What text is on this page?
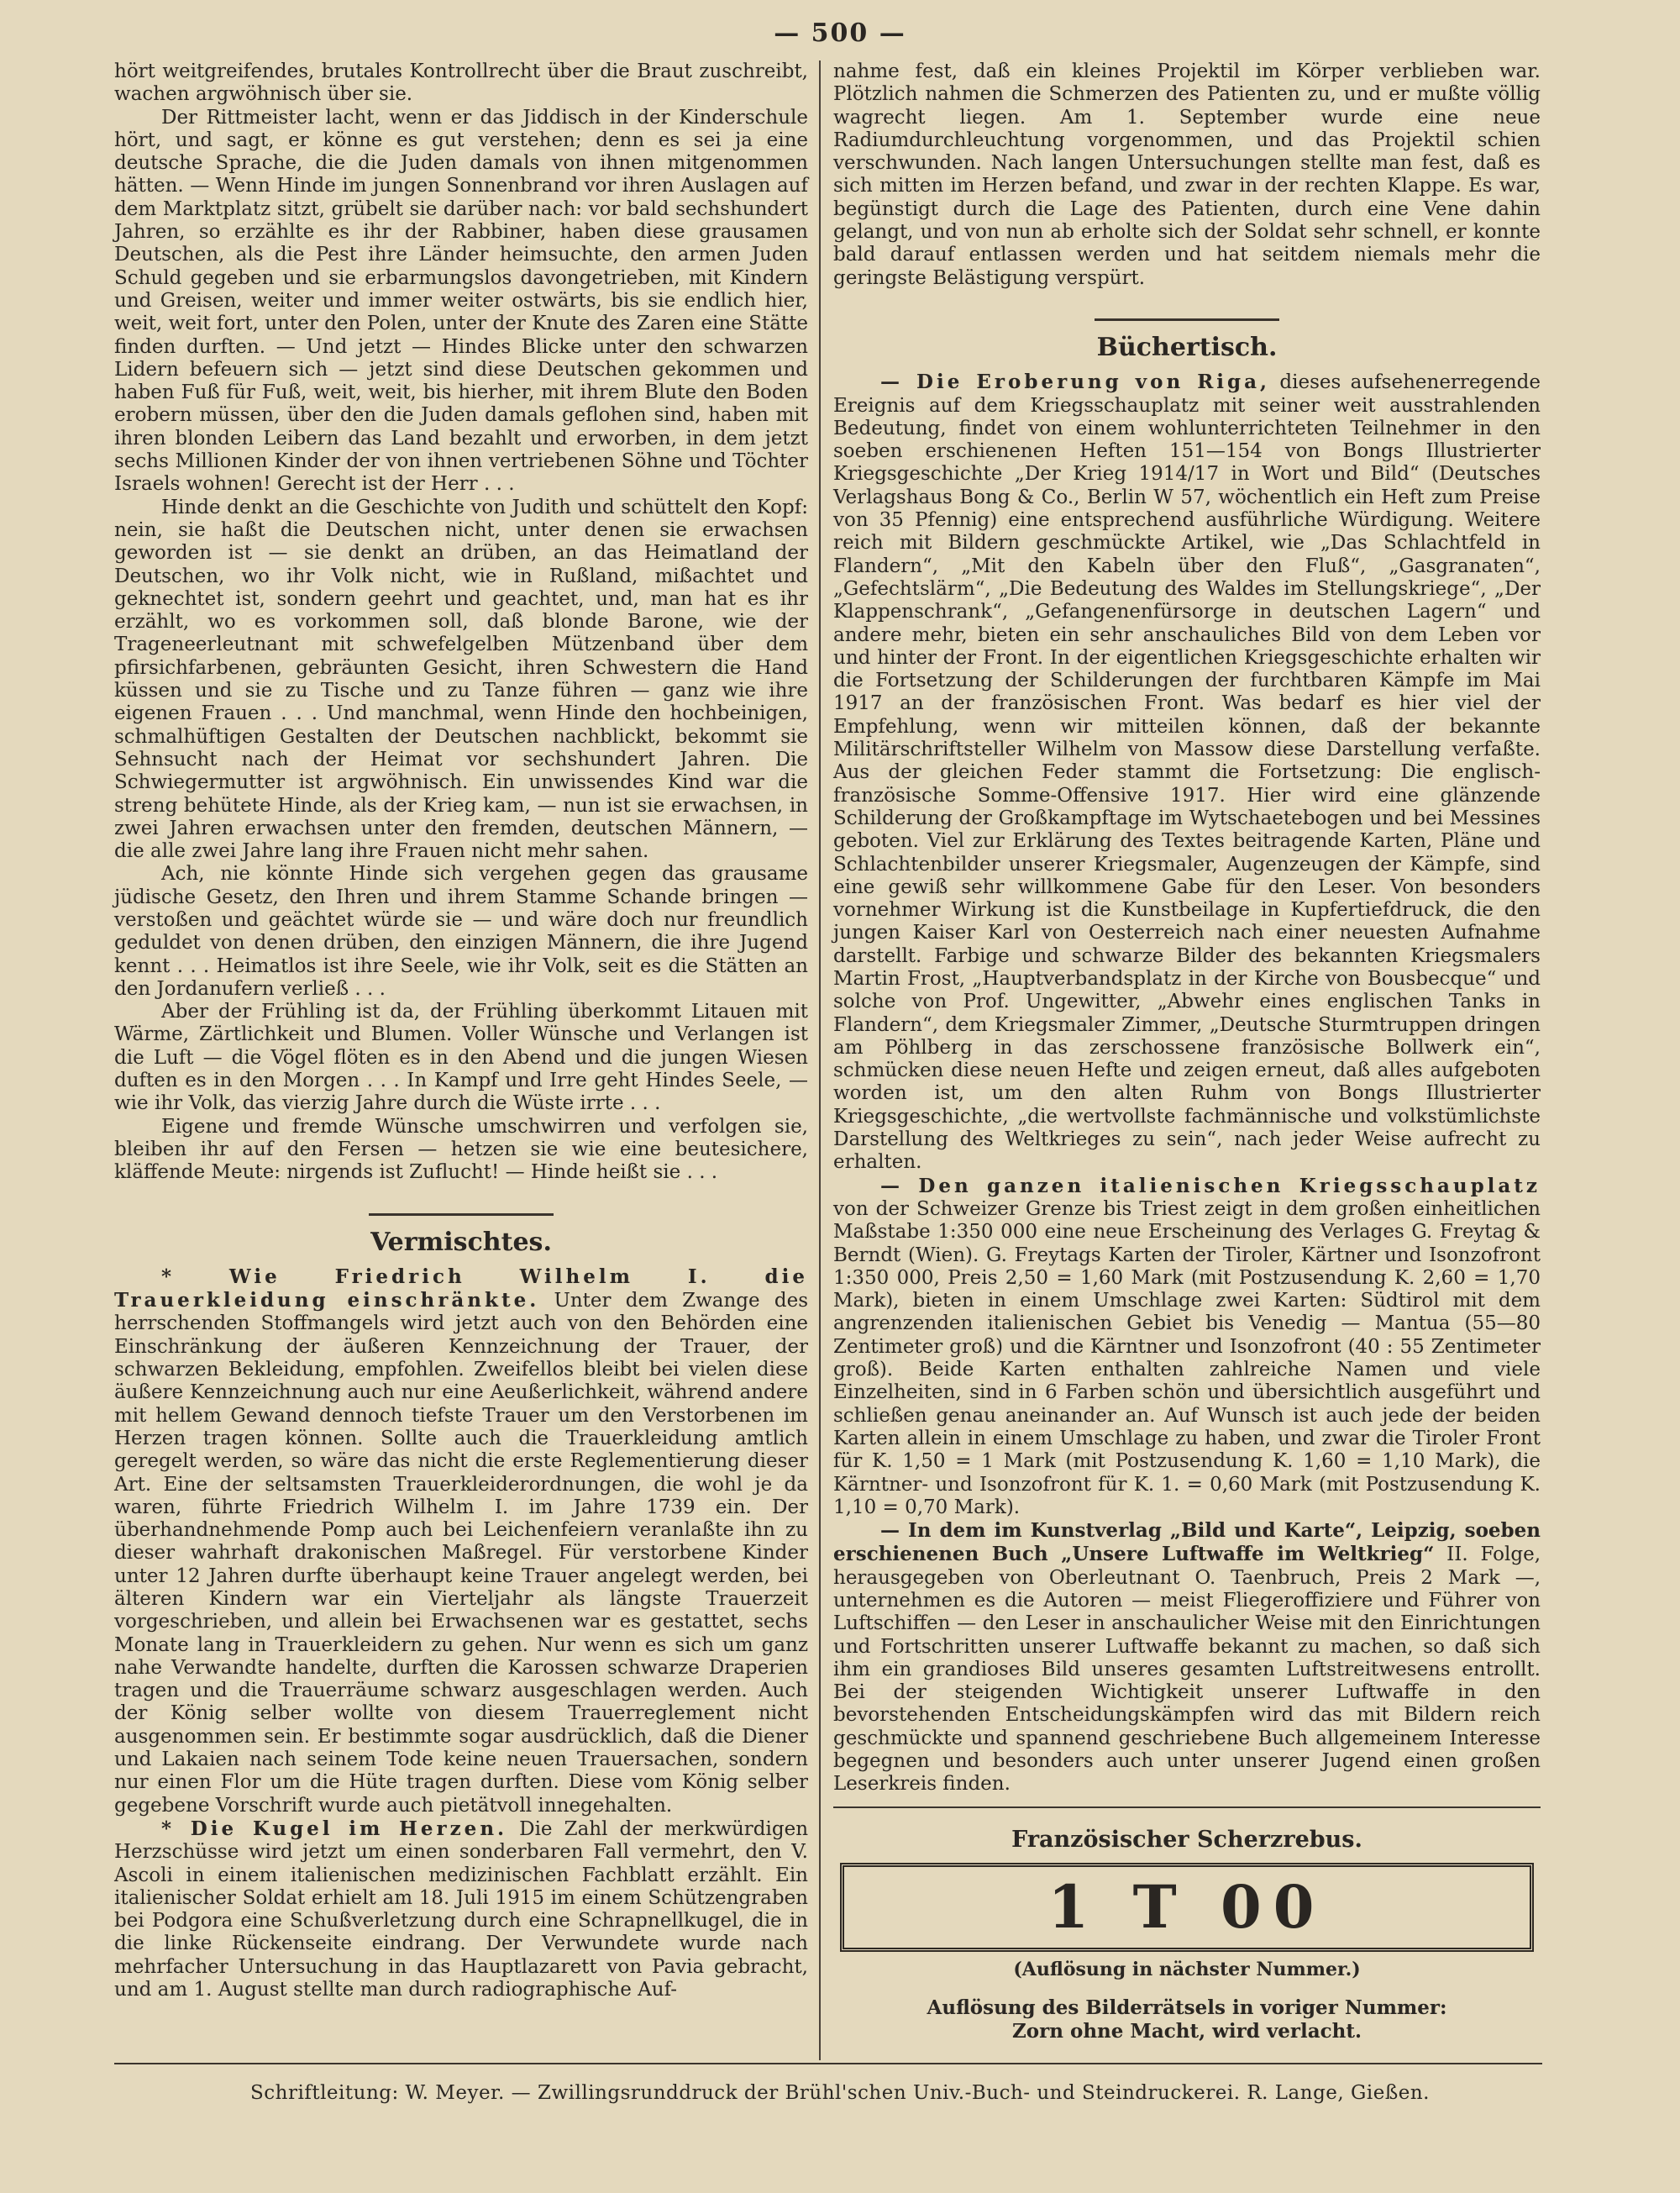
— 500 —

hört weitgreifendes, brutales Kontrollrecht über die Braut zuschreibt, wachen argwöhnisch über sie.

Der Rittmeister lacht, wenn er das Jiddisch in der Kinderschule hört, und sagt, er könne es gut verstehen; denn es sei ja eine deutsche Sprache, die die Juden damals von ihnen mitgenommen hätten. — Wenn Hinde im jungen Sonnenbrand vor ihren Auslagen auf dem Marktplatz sitzt, grübelt sie darüber nach: vor bald sechshundert Jahren, so erzählte es ihr der Rabbiner, haben diese grausamen Deutschen, als die Pest ihre Länder heimsuchte, den armen Juden Schuld gegeben und sie erbarmungslos davongetrieben, mit Kindern und Greisen, weiter und immer weiter ostwärts, bis sie endlich hier, weit, weit fort, unter den Polen, unter der Knute des Zaren eine Stätte finden durften. — Und jetzt — Hindes Blicke unter den schwarzen Lidern befeuern sich — jetzt sind diese Deutschen gekommen und haben Fuß für Fuß, weit, weit, bis hierher, mit ihrem Blute den Boden erobern müssen, über den die Juden damals geflohen sind, haben mit ihren blonden Leibern das Land bezahlt und erworben, in dem jetzt sechs Millionen Kinder der von ihnen vertriebenen Söhne und Töchter Israels wohnen! Gerecht ist der Herr . . .

Hinde denkt an die Geschichte von Judith und schüttelt den Kopf: nein, sie haßt die Deutschen nicht, unter denen sie erwachsen geworden ist — sie denkt an drüben, an das Heimatland der Deutschen, wo ihr Volk nicht, wie in Rußland, mißachtet und geknechtet ist, sondern geehrt und geachtet, und, man hat es ihr erzählt, wo es vorkommen soll, daß blonde Barone, wie der Trageneerleutnant mit schwefelgelben Mützenband über dem pfirsichfarbenen, gebräunten Gesicht, ihren Schwestern die Hand küssen und sie zu Tische und zu Tanze führen — ganz wie ihre eigenen Frauen . . . Und manchmal, wenn Hinde den hochbeinigen, schmalhüftigen Gestalten der Deutschen nachblickt, bekommt sie Sehnsucht nach der Heimat vor sechshundert Jahren. Die Schwiegermutter ist argwöhnisch. Ein unwissendes Kind war die streng behütete Hinde, als der Krieg kam, — nun ist sie erwachsen, in zwei Jahren erwachsen unter den fremden, deutschen Männern, — die alle zwei Jahre lang ihre Frauen nicht mehr sahen.

Ach, nie könnte Hinde sich vergehen gegen das grausame jüdische Gesetz, den Ihren und ihrem Stamme Schande bringen — verstoßen und geächtet würde sie — und wäre doch nur freundlich geduldet von denen drüben, den einzigen Männern, die ihre Jugend kennt . . . Heimatlos ist ihre Seele, wie ihr Volk, seit es die Stätten an den Jordanufern verließ . . .

Aber der Frühling ist da, der Frühling überkommt Litauen mit Wärme, Zärtlichkeit und Blumen. Voller Wünsche und Verlangen ist die Luft — die Vögel flöten es in den Abend und die jungen Wiesen duften es in den Morgen . . . In Kampf und Irre geht Hindes Seele, — wie ihr Volk, das vierzig Jahre durch die Wüste irrte . . .

Eigene und fremde Wünsche umschwirren und verfolgen sie, bleiben ihr auf den Fersen — hetzen sie wie eine beutesichere, kläffende Meute: nirgends ist Zuflucht! — Hinde heißt sie . . .

Vermischtes.

* Wie Friedrich Wilhelm I. die Trauerkleidung einschränkte. Unter dem Zwange des herrschenden Stoffmangels wird jetzt auch von den Behörden eine Einschränkung der äußeren Kennzeichnung der Trauer, der schwarzen Bekleidung, empfohlen. Zweifellos bleibt bei vielen diese äußere Kennzeichnung auch nur eine Aeußerlichkeit, während andere mit hellem Gewand dennoch tiefste Trauer um den Verstorbenen im Herzen tragen können. Sollte auch die Trauerkleidung amtlich geregelt werden, so wäre das nicht die erste Reglementierung dieser Art. Eine der seltsamsten Trauerkleiderordnungen, die wohl je da waren, führte Friedrich Wilhelm I. im Jahre 1739 ein. Der überhandnehmende Pomp auch bei Leichenfeiern veranlaßte ihn zu dieser wahrhaft drakonischen Maßregel. Für verstorbene Kinder unter 12 Jahren durfte überhaupt keine Trauer angelegt werden, bei älteren Kindern war ein Vierteljahr als längste Trauerzeit vorgeschrieben, und allein bei Erwachsenen war es gestattet, sechs Monate lang in Trauerkleidern zu gehen. Nur wenn es sich um ganz nahe Verwandte handelte, durften die Karossen schwarze Draperien tragen und die Trauerräume schwarz ausgeschlagen werden. Auch der König selber wollte von diesem Trauerreglement nicht ausgenommen sein. Er bestimmte sogar ausdrücklich, daß die Diener und Lakaien nach seinem Tode keine neuen Trauersachen, sondern nur einen Flor um die Hüte tragen durften. Diese vom König selber gegebene Vorschrift wurde auch pietätvoll innegehalten.

* Die Kugel im Herzen. Die Zahl der merkwürdigen Herzschüsse wird jetzt um einen sonderbaren Fall vermehrt, den V. Ascoli in einem italienischen medizinischen Fachblatt erzählt. Ein italienischer Soldat erhielt am 18. Juli 1915 im einem Schützengraben bei Podgora eine Schußverletzung durch eine Schrapnellkugel, die in die linke Rückenseite eindrang. Der Verwundete wurde nach mehrfacher Untersuchung in das Hauptlazarett von Pavia gebracht, und am 1. August stellte man durch radiographische Auf-

nahme fest, daß ein kleines Projektil im Körper verblieben war. Plötzlich nahmen die Schmerzen des Patienten zu, und er mußte völlig wagrecht liegen. Am 1. September wurde eine neue Radiumdurchleuchtung vorgenommen, und das Projektil schien verschwunden. Nach langen Untersuchungen stellte man fest, daß es sich mitten im Herzen befand, und zwar in der rechten Klappe. Es war, begünstigt durch die Lage des Patienten, durch eine Vene dahin gelangt, und von nun ab erholte sich der Soldat sehr schnell, er konnte bald darauf entlassen werden und hat seitdem niemals mehr die geringste Belästigung verspürt.

Büchertisch.

— Die Eroberung von Riga, dieses aufsehenerregende Ereignis auf dem Kriegsschauplatz mit seiner weit ausstrahlenden Bedeutung, findet von einem wohlunterrichteten Teilnehmer in den soeben erschienenen Heften 151—154 von Bongs Illustrierter Kriegsgeschichte „Der Krieg 1914/17 in Wort und Bild“ (Deutsches Verlagshaus Bong & Co., Berlin W 57, wöchentlich ein Heft zum Preise von 35 Pfennig) eine entsprechend ausführliche Würdigung. Weitere reich mit Bildern geschmückte Artikel, wie „Das Schlachtfeld in Flandern“, „Mit den Kabeln über den Fluß“, „Gasgranaten“, „Gefechtslärm“, „Die Bedeutung des Waldes im Stellungskriege“, „Der Klappenschrank“, „Gefangenenfürsorge in deutschen Lagern“ und andere mehr, bieten ein sehr anschauliches Bild von dem Leben vor und hinter der Front. In der eigentlichen Kriegsgeschichte erhalten wir die Fortsetzung der Schilderungen der furchtbaren Kämpfe im Mai 1917 an der französischen Front. Was bedarf es hier viel der Empfehlung, wenn wir mitteilen können, daß der bekannte Militärschriftsteller Wilhelm von Massow diese Darstellung verfaßte. Aus der gleichen Feder stammt die Fortsetzung: Die englisch-französische Somme-Offensive 1917. Hier wird eine glänzende Schilderung der Großkampftage im Wytschaetebogen und bei Messines geboten. Viel zur Erklärung des Textes beitragende Karten, Pläne und Schlachtenbilder unserer Kriegsmaler, Augenzeugen der Kämpfe, sind eine gewiß sehr willkommene Gabe für den Leser. Von besonders vornehmer Wirkung ist die Kunstbeilage in Kupfertiefdruck, die den jungen Kaiser Karl von Oesterreich nach einer neuesten Aufnahme darstellt. Farbige und schwarze Bilder des bekannten Kriegsmalers Martin Frost, „Hauptverbandsplatz in der Kirche von Bousbecque“ und solche von Prof. Ungewitter, „Abwehr eines englischen Tanks in Flandern“, dem Kriegsmaler Zimmer, „Deutsche Sturmtruppen dringen am Pöhlberg in das zerschossene französische Bollwerk ein“, schmücken diese neuen Hefte und zeigen erneut, daß alles aufgeboten worden ist, um den alten Ruhm von Bongs Illustrierter Kriegsgeschichte, „die wertvollste fachmännische und volkstümlichste Darstellung des Weltkrieges zu sein“, nach jeder Weise aufrecht zu erhalten.

— Den ganzen italienischen Kriegsschauplatz von der Schweizer Grenze bis Triest zeigt in dem großen einheitlichen Maßstabe 1:350 000 eine neue Erscheinung des Verlages G. Freytag & Berndt (Wien). G. Freytags Karten der Tiroler, Kärtner und Isonzofront 1:350 000, Preis 2,50 = 1,60 Mark (mit Postzusendung K. 2,60 = 1,70 Mark), bieten in einem Umschlage zwei Karten: Südtirol mit dem angrenzenden italienischen Gebiet bis Venedig — Mantua (55—80 Zentimeter groß) und die Kärntner und Isonzofront (40 : 55 Zentimeter groß). Beide Karten enthalten zahlreiche Namen und viele Einzelheiten, sind in 6 Farben schön und übersichtlich ausgeführt und schließen genau aneinander an. Auf Wunsch ist auch jede der beiden Karten allein in einem Umschlage zu haben, und zwar die Tiroler Front für K. 1,50 = 1 Mark (mit Postzusendung K. 1,60 = 1,10 Mark), die Kärntner- und Isonzofront für K. 1. = 0,60 Mark (mit Postzusendung K. 1,10 = 0,70 Mark).

— In dem im Kunstverlag „Bild und Karte“, Leipzig, soeben erschienenen Buch „Unsere Luftwaffe im Weltkrieg“ II. Folge, herausgegeben von Oberleutnant O. Taenbruch, Preis 2 Mark —, unternehmen es die Autoren — meist Fliegeroffiziere und Führer von Luftschiffen — den Leser in anschaulicher Weise mit den Einrichtungen und Fortschritten unserer Luftwaffe bekannt zu machen, so daß sich ihm ein grandioses Bild unseres gesamten Luftstreitwesens entrollt. Bei der steigenden Wichtigkeit unserer Luftwaffe in den bevorstehenden Entscheidungskämpfen wird das mit Bildern reich geschmückte und spannend geschriebene Buch allgemeinem Interesse begegnen und besonders auch unter unserer Jugend einen großen Leserkreis finden.

Französischer Scherzrebus.
1 T 00
(Auflösung in nächster Nummer.)
Auflösung des Bilderrätsels in voriger Nummer:
Zorn ohne Macht, wird verlacht.
Schriftleitung: W. Meyer. — Zwillingsrunddruck der Brühl'schen Univ.-Buch- und Steindruckerei. R. Lange, Gießen.
